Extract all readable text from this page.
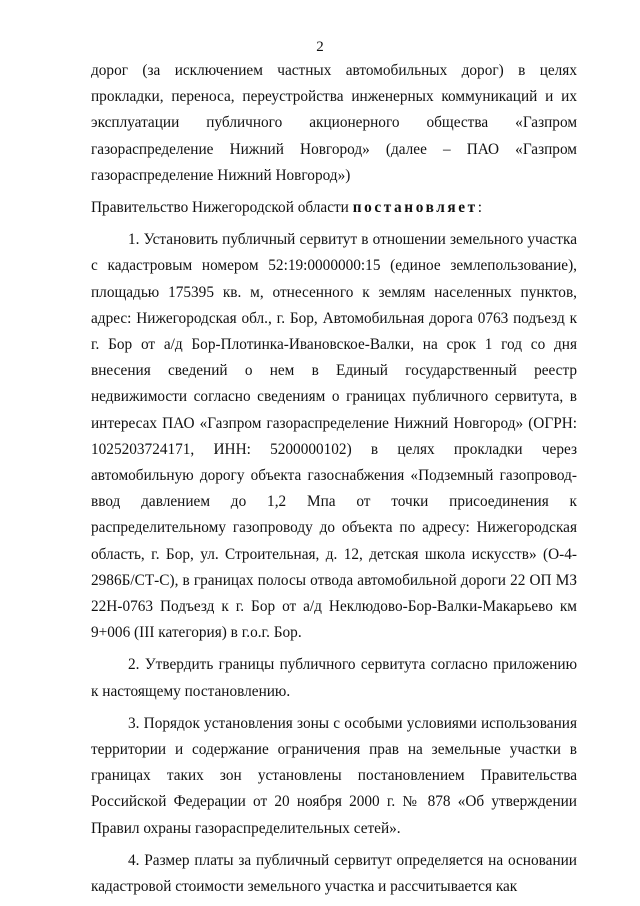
2

дорог (за исключением частных автомобильных дорог) в целях прокладки, переноса, переустройства инженерных коммуникаций и их эксплуатации публичного акционерного общества «Газпром газораспределение Нижний Новгород» (далее – ПАО «Газпром газораспределение Нижний Новгород»)

Правительство Нижегородской области постановляет:

1. Установить публичный сервитут в отношении земельного участка с кадастровым номером 52:19:0000000:15 (единое землепользование), площадью 175395 кв. м, отнесенного к землям населенных пунктов, адрес: Нижегородская обл., г. Бор, Автомобильная дорога 0763 подъезд к г. Бор от а/д Бор-Плотинка-Ивановское-Валки, на срок 1 год со дня внесения сведений о нем в Единый государственный реестр недвижимости согласно сведениям о границах публичного сервитута, в интересах ПАО «Газпром газораспределение Нижний Новгород» (ОГРН: 1025203724171, ИНН: 5200000102) в целях прокладки через автомобильную дорогу объекта газоснабжения «Подземный газопровод-ввод давлением до 1,2 Мпа от точки присоединения к распределительному газопроводу до объекта по адресу: Нижегородская область, г. Бор, ул. Строительная, д. 12, детская школа искусств» (О-4-2986Б/СТ-С), в границах полосы отвода автомобильной дороги 22 ОП МЗ 22Н-0763 Подъезд к г. Бор от а/д Неклюдово-Бор-Валки-Макарьево км 9+006 (III категория) в г.о.г. Бор.

2. Утвердить границы публичного сервитута согласно приложению к настоящему постановлению.

3. Порядок установления зоны с особыми условиями использования территории и содержание ограничения прав на земельные участки в границах таких зон установлены постановлением Правительства Российской Федерации от 20 ноября 2000 г. № 878 «Об утверждении Правил охраны газораспределительных сетей».

4. Размер платы за публичный сервитут определяется на основании кадастровой стоимости земельного участка и рассчитывается как
